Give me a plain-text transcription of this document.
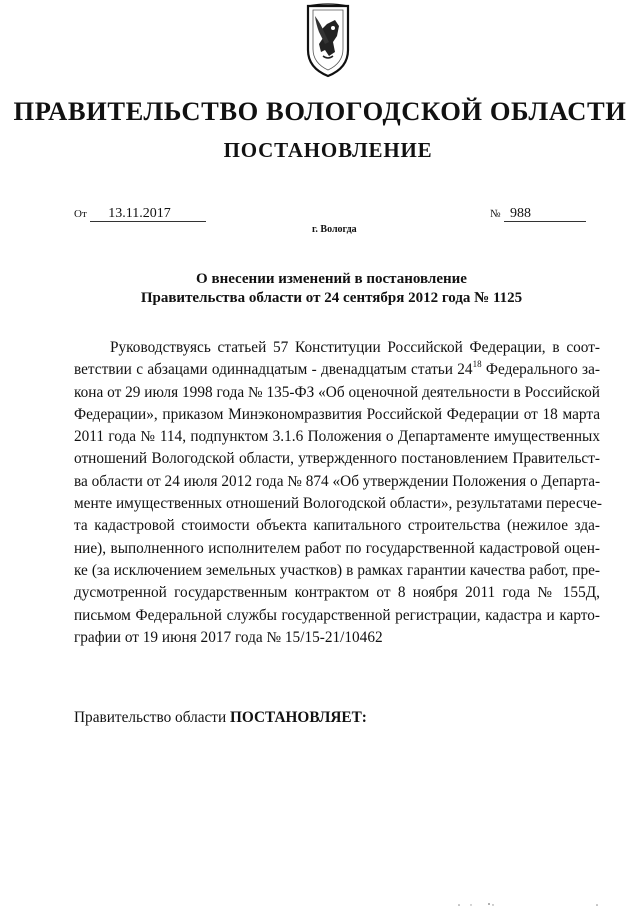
ПРАВИТЕЛЬСТВО ВОЛОГОДСКОЙ ОБЛАСТИ
ПОСТАНОВЛЕНИЕ
От 13.11.2017	№ 988
г. Вологда
О внесении изменений в постановление
Правительства области от 24 сентября 2012 года № 1125
Руководствуясь статьей 57 Конституции Российской Федерации, в соот-
ветствии с абзацами одиннадцатым - двенадцатым статьи $24^{18}$ Федерального за-
кона от 29 июля 1998 года № 135-ФЗ «Об оценочной деятельности в Российской
Федерации», приказом Минэкономразвития Российской Федерации от 18 марта
2011 года № 114, подпунктом 3.1.6 Положения о Департаменте имущественных
отношений Вологодской области, утвержденного постановлением Правительст-
ва области от 24 июля 2012 года № 874 «Об утверждении Положения о Департа-
менте имущественных отношений Вологодской области», результатами пересче-
та кадастровой стоимости объекта капитального строительства (нежилое зда-
ние), выполненного исполнителем работ по государственной кадастровой оцен-
ке (за исключением земельных участков) в рамках гарантии качества работ, пре-
дусмотренной государственным контрактом от 8 ноября 2011 года № 155Д,
письмом Федеральной службы государственной регистрации, кадастра и карто-
графии от 19 июня 2017 года № 15/15-21/10462
Правительство области ПОСТАНОВЛЯЕТ:
